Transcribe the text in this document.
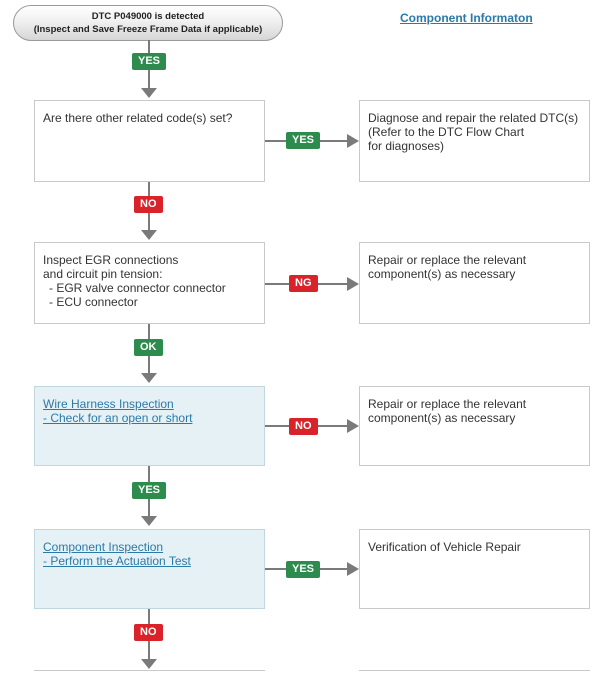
DTC P049000 is detected
(Inspect and Save Freeze Frame Data if applicable)
Component Informaton
YES
Are there other related code(s) set?
YES
Diagnose and repair the related DTC(s)
(Refer to the DTC Flow Chart
for diagnoses)
NO
Inspect EGR connections
and circuit pin tension:
- EGR valve connector connector
- ECU connector
NG
Repair or replace the relevant
component(s) as necessary
OK
Wire Harness Inspection
- Check for an open or short
NO
Repair or replace the relevant
component(s) as necessary
YES
Component Inspection
- Perform the Actuation Test
YES
Verification of Vehicle Repair
NO
